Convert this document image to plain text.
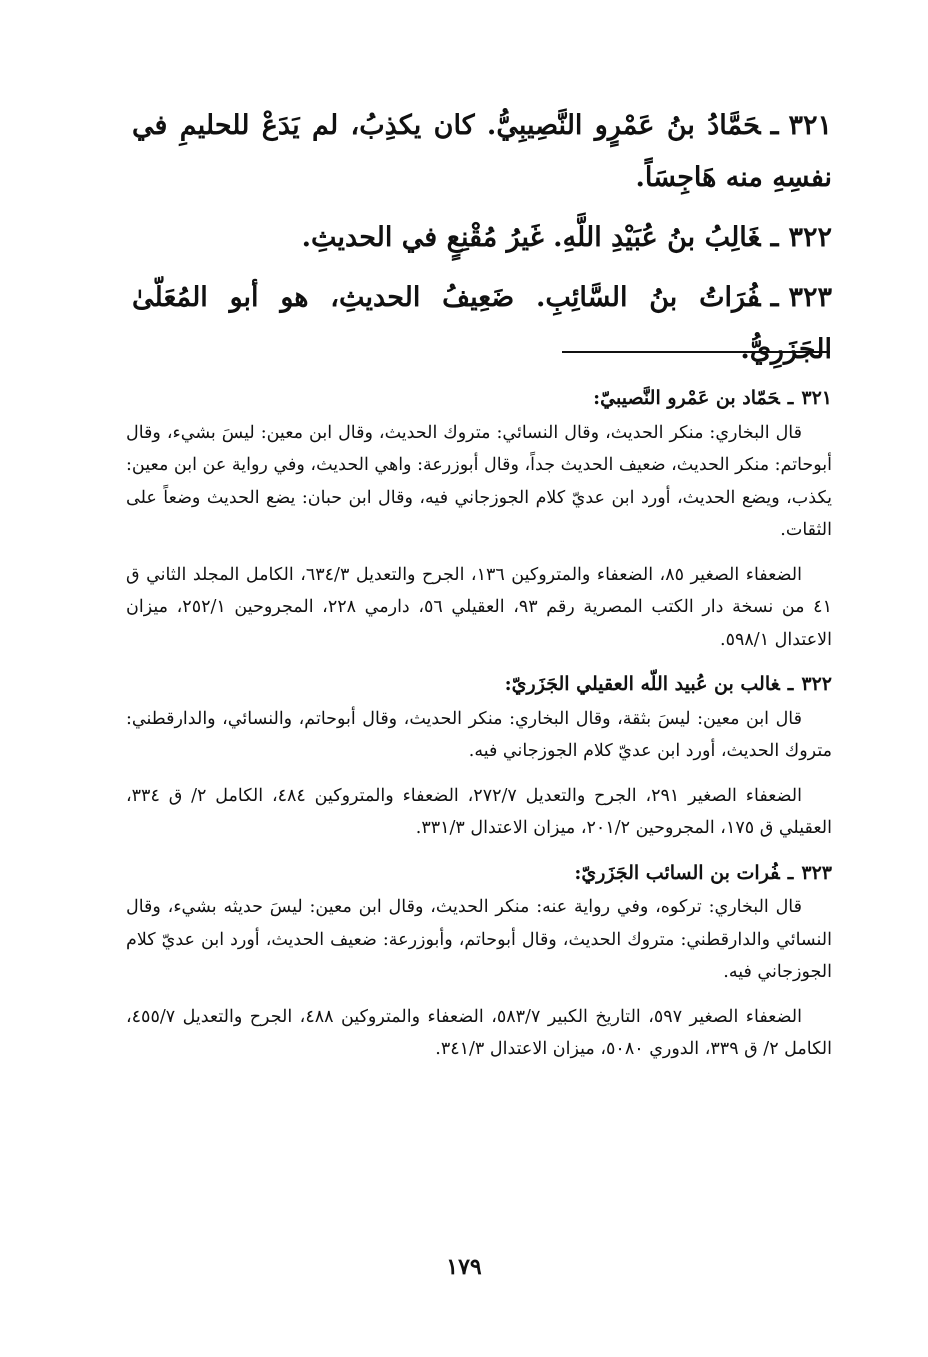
٣٢١ـحَمَّادُ بنُ عَمْرٍو النَّصِيبِيُّ. كان يكذِبُ، لم يَدَعْ للحليمِ في نفسِهِ منه هَاجِسَاً.

٣٢٢ـغَالِبُ بنُ عُبَيْدِ اللَّهِ. غَيرُ مُقْنِعٍ في الحديثِ.

٣٢٣ـفُرَاتُ بنُ السَّائِبِ. ضَعِيفُ الحديثِ، هو أبو المُعَلّىٰ الجَزَرِيُّ.

٣٢١ـحَمّاد بن عَمْرو النَّصيبيّ:

قال البخاري: منكر الحديث، وقال النسائي: متروك الحديث، وقال ابن معين: ليسَ بشيء، وقال أبوحاتم: منكر الحديث، ضعيف الحديث جداً، وقال أبوزرعة: واهي الحديث، وفي رواية عن ابن معين: يكذب، ويضع الحديث، أورد ابن عديّ كلام الجوزجاني فيه، وقال ابن حبان: يضع الحديث وضعاً على الثقات.

الضعفاء الصغير ٨٥، الضعفاء والمتروكين ١٣٦، الجرح والتعديل ٦٣٤/٣، الكامل المجلد الثاني ق ٤١ من نسخة دار الكتب المصرية رقم ٩٣، العقيلي ٥٦، دارمي ٢٢٨، المجروحين ٢٥٢/١، ميزان الاعتدال ٥٩٨/١.

٣٢٢ـغالب بن عُبيد اللّه العقيلي الجَزَريّ:

قال ابن معين: ليسَ بثقة، وقال البخاري: منكر الحديث، وقال أبوحاتم، والنسائي، والدارقطني: متروك الحديث، أورد ابن عديّ كلام الجوزجاني فيه.

الضعفاء الصغير ٢٩١، الجرح والتعديل ٢٧٢/٧، الضعفاء والمتروكين ٤٨٤، الكامل ٢/ ق ٣٣٤، العقيلي ق ١٧٥، المجروحين ٢٠١/٢، ميزان الاعتدال ٣٣١/٣.

٣٢٣ـفُرات بن السائب الجَزَريّ:

قال البخاري: تركوه، وفي رواية عنه: منكر الحديث، وقال ابن معين: ليسَ حديثه بشيء، وقال النسائي والدارقطني: متروك الحديث، وقال أبوحاتم، وأبوزرعة: ضعيف الحديث، أورد ابن عديّ كلام الجوزجاني فيه.

الضعفاء الصغير ٥٩٧، التاريخ الكبير ٥٨٣/٧، الضعفاء والمتروكين ٤٨٨، الجرح والتعديل ٤٥٥/٧، الكامل ٢/ ق ٣٣٩، الدوري ٥٠٨٠، ميزان الاعتدال ٣٤١/٣.

١٧٩
